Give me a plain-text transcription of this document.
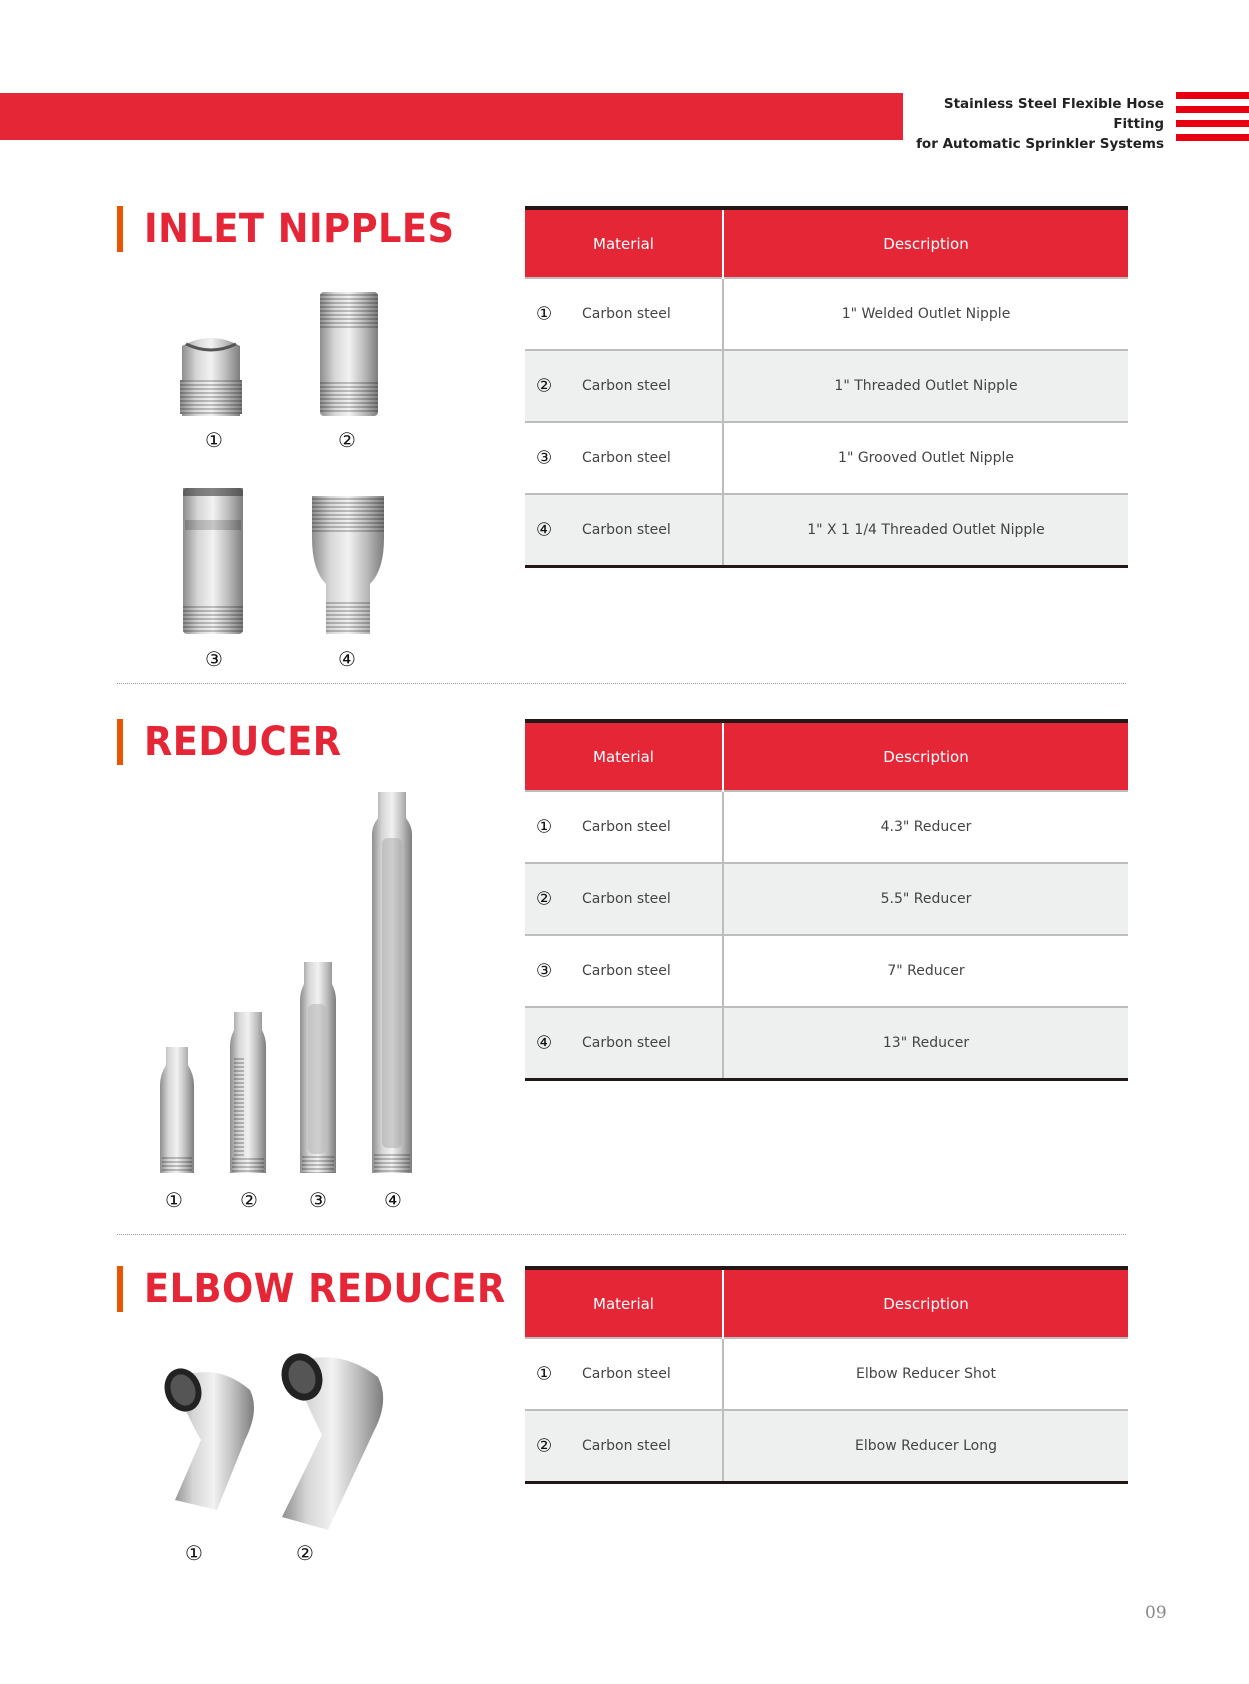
Stainless Steel Flexible Hose Fitting
for Automatic Sprinkler Systems
INLET NIPPLES
①	②
③	④
Material	Description

① Carbon steel	1" Welded Outlet Nipple

② Carbon steel	1" Threaded Outlet Nipple

③ Carbon steel	1" Grooved Outlet Nipple

④ Carbon steel	1" X 1 1/4 Threaded Outlet Nipple
REDUCER
①	②	③	④
Material	Description

① Carbon steel	4.3" Reducer

② Carbon steel	5.5" Reducer

③ Carbon steel	7" Reducer

④ Carbon steel	13" Reducer
ELBOW REDUCER
①	②
Material	Description

① Carbon steel	Elbow Reducer Shot

② Carbon steel	Elbow Reducer Long
09
